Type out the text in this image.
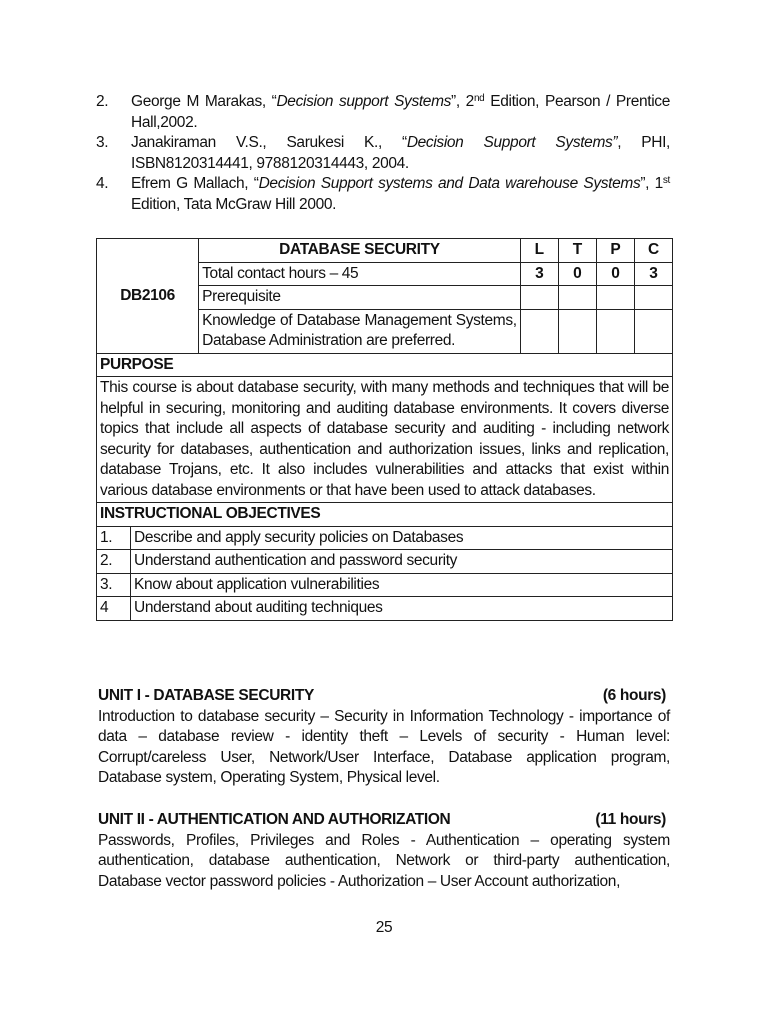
2.	George M Marakas, “Decision support Systems”, 2nd Edition, Pearson / Prentice Hall,2002.
3.	Janakiraman V.S., Sarukesi K., “Decision Support Systems”, PHI, ISBN8120314441, 9788120314443, 2004.
4.	Efrem G Mallach, “Decision Support systems and Data warehouse Systems”, 1st Edition, Tata McGraw Hill 2000.
DB2106		DATABASE SECURITY	L	T	P	C
		Total contact hours – 45	3	0	0	3
		Prerequisite				
		Knowledge of Database Management Systems, Database Administration are preferred.				
PURPOSE						
This course is about database security, with many methods and techniques that will be helpful in securing, monitoring and auditing database environments. It covers diverse topics that include all aspects of database security and auditing - including network security for databases, authentication and authorization issues, links and replication, database Trojans, etc. It also includes vulnerabilities and attacks that exist within various database environments or that have been used to attack databases.						
INSTRUCTIONAL OBJECTIVES						
1.	Describe and apply security policies on Databases					
2.	Understand authentication and password security					
3.	Know about application vulnerabilities					
4	Understand about auditing techniques					
UNIT I - DATABASE SECURITY	(6 hours)
Introduction to database security – Security in Information Technology - importance of data – database review - identity theft – Levels of security - Human level: Corrupt/careless User, Network/User Interface, Database application program, Database system, Operating System, Physical level.
UNIT II - AUTHENTICATION AND AUTHORIZATION	(11 hours)
Passwords, Profiles, Privileges and Roles - Authentication – operating system authentication, database authentication, Network or third-party authentication, Database vector password policies - Authorization – User Account authorization,
25
